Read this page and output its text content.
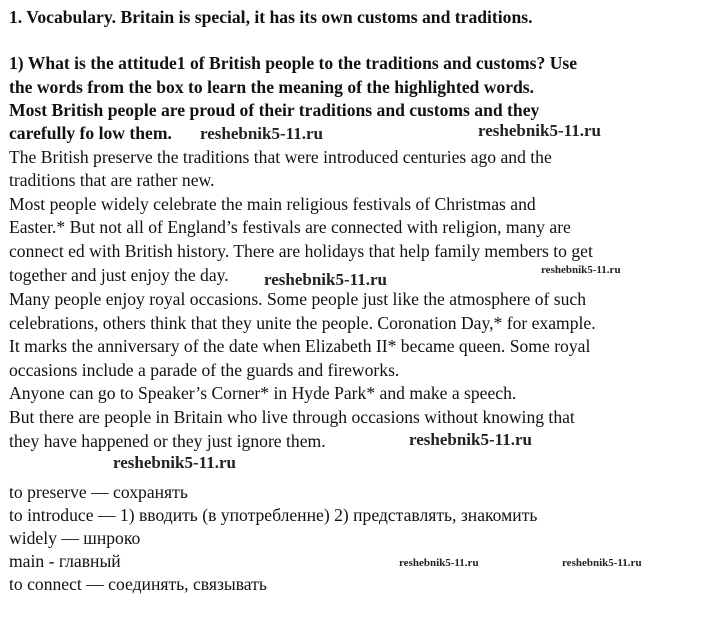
1. Vocabulary. Britain is special, it has its own customs and traditions.
1) What is the attitude1 of British people to the traditions and customs? Use
the words from the box to learn the meaning of the highlighted words.
Most British people are proud of their traditions and customs and they
carefully fo low them.
The British preserve the traditions that were introduced centuries ago and the
traditions that are rather new.
Most people widely celebrate the main religious festivals of Christmas and
Easter.* But not all of England’s festivals are connected with religion, many are
connect ed with British history. There are holidays that help family members to get
together and just enjoy the day.
Many people enjoy royal occasions. Some people just like the atmosphere of such
celebrations, others think that they unite the people. Coronation Day,* for example.
It marks the anniversary of the date when Elizabeth II* became queen. Some royal
occasions include a parade of the guards and fireworks.
Anyone can go to Speaker’s Corner* in Hyde Park* and make a speech.
But there are people in Britain who live through occasions without knowing that
they have happened or they just ignore them.
to preserve — сохранять
to introduce — 1) вводить (в употребленне) 2) представлять, знакомить
widely — шнроко
main - главный
to connect — соединять, связывать
reshebnik5-11.ru	reshebnik5-11.ru
reshebnik5-11.ru	reshebnik5-11.ru
reshebnik5-11.ru
reshebnik5-11.ru
reshebnik5-11.ru	reshebnik5-11.ru
